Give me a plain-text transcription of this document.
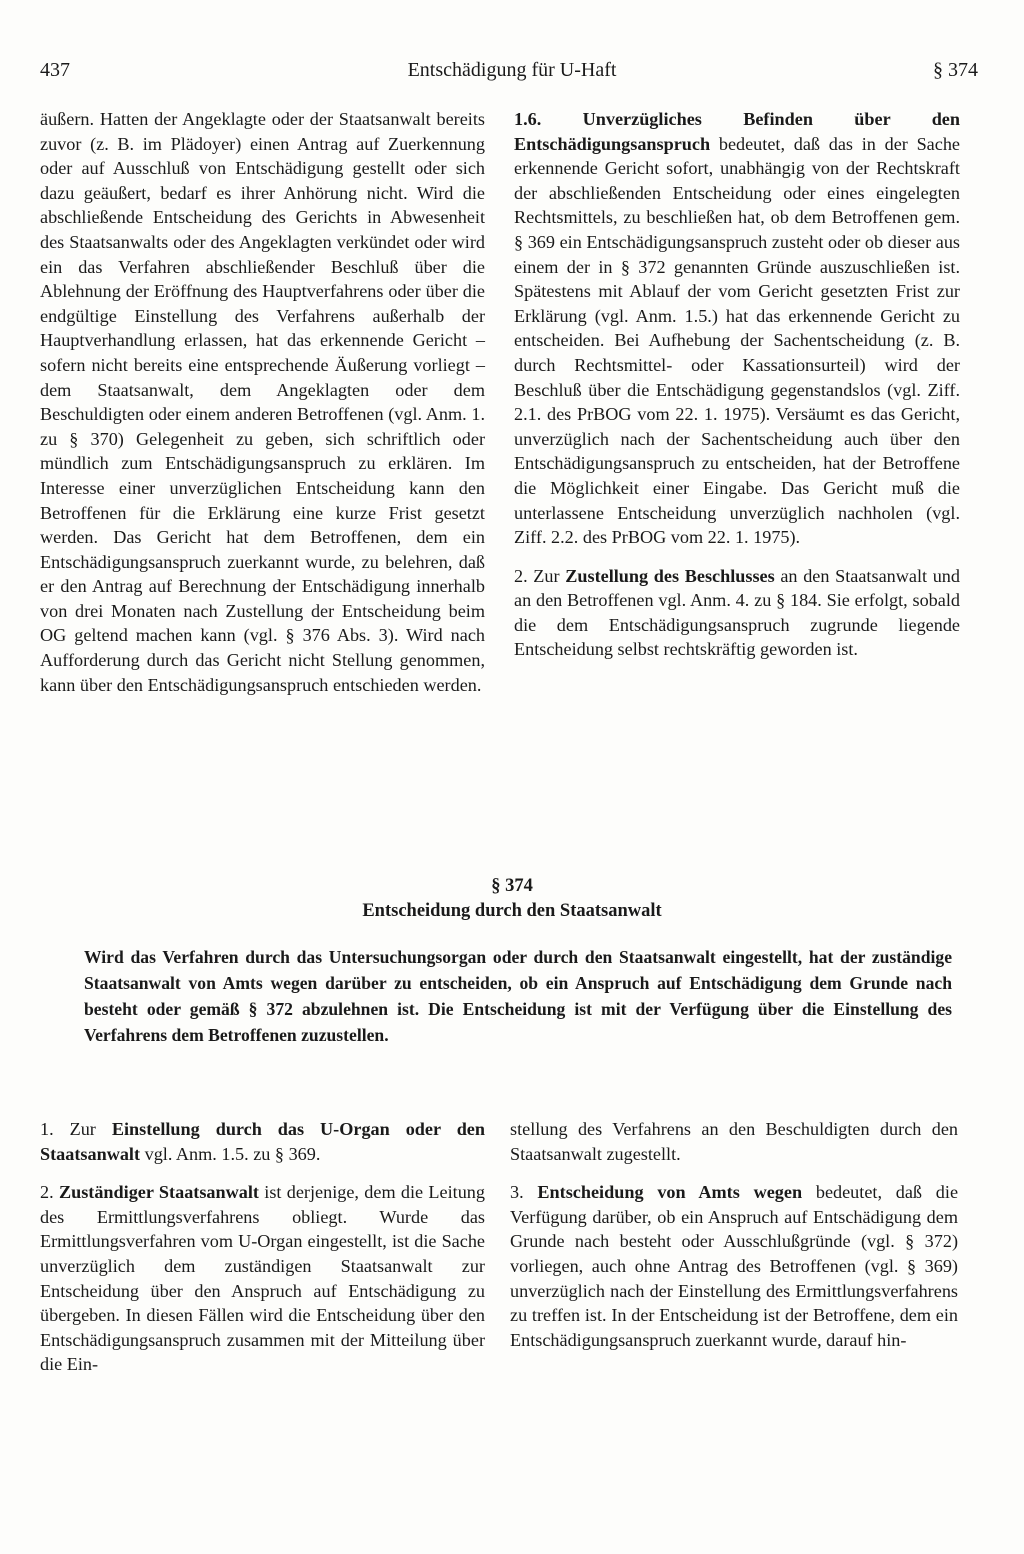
Entschädigung für U-Haft
437	§ 374

äußern. Hatten der Angeklagte oder der Staatsanwalt bereits zuvor (z. B. im Plädoyer) einen Antrag auf Zuerkennung oder auf Ausschluß von Entschädigung gestellt oder sich dazu geäußert, bedarf es ihrer Anhörung nicht. Wird die abschließende Entscheidung des Gerichts in Abwesenheit des Staatsanwalts oder des Angeklagten verkündet oder wird ein das Verfahren abschließender Beschluß über die Ablehnung der Eröffnung des Hauptverfahrens oder über die endgültige Einstellung des Verfahrens außerhalb der Hauptverhandlung erlassen, hat das erkennende Gericht – sofern nicht bereits eine entsprechende Äußerung vorliegt – dem Staatsanwalt, dem Angeklagten oder dem Beschuldigten oder einem anderen Betroffenen (vgl. Anm. 1. zu § 370) Gelegenheit zu geben, sich schriftlich oder mündlich zum Entschädigungsanspruch zu erklären. Im Interesse einer unverzüglichen Entscheidung kann den Betroffenen für die Erklärung eine kurze Frist gesetzt werden. Das Gericht hat dem Betroffenen, dem ein Entschädigungsanspruch zuerkannt wurde, zu belehren, daß er den Antrag auf Berechnung der Entschädigung innerhalb von drei Monaten nach Zustellung der Entscheidung beim OG geltend machen kann (vgl. § 376 Abs. 3). Wird nach Aufforderung durch das Gericht nicht Stellung genommen, kann über den Entschädigungsanspruch entschieden werden.

1.6. Unverzügliches Befinden über den Entschädigungsanspruch bedeutet, daß das in der Sache erkennende Gericht sofort, unabhängig von der Rechtskraft der abschließenden Entscheidung oder eines eingelegten Rechtsmittels, zu beschließen hat, ob dem Betroffenen gem. § 369 ein Entschädigungsanspruch zusteht oder ob dieser aus einem der in § 372 genannten Gründe auszuschließen ist. Spätestens mit Ablauf der vom Gericht gesetzten Frist zur Erklärung (vgl. Anm. 1.5.) hat das erkennende Gericht zu entscheiden. Bei Aufhebung der Sachentscheidung (z. B. durch Rechtsmittel- oder Kassationsurteil) wird der Beschluß über die Entschädigung gegenstandslos (vgl. Ziff. 2.1. des PrBOG vom 22. 1. 1975). Versäumt es das Gericht, unverzüglich nach der Sachentscheidung auch über den Entschädigungsanspruch zu entscheiden, hat der Betroffene die Möglichkeit einer Eingabe. Das Gericht muß die unterlassene Entscheidung unverzüglich nachholen (vgl. Ziff. 2.2. des PrBOG vom 22. 1. 1975).

2. Zur Zustellung des Beschlusses an den Staatsanwalt und an den Betroffenen vgl. Anm. 4. zu § 184. Sie erfolgt, sobald die dem Entschädigungsanspruch zugrunde liegende Entscheidung selbst rechtskräftig geworden ist.

§ 374
Entscheidung durch den Staatsanwalt

Wird das Verfahren durch das Untersuchungsorgan oder durch den Staatsanwalt eingestellt, hat der zuständige Staatsanwalt von Amts wegen darüber zu entscheiden, ob ein Anspruch auf Entschädigung dem Grunde nach besteht oder gemäß § 372 abzulehnen ist. Die Entscheidung ist mit der Verfügung über die Einstellung des Verfahrens dem Betroffenen zuzustellen.

1. Zur Einstellung durch das U-Organ oder den Staatsanwalt vgl. Anm. 1.5. zu § 369.

2. Zuständiger Staatsanwalt ist derjenige, dem die Leitung des Ermittlungsverfahrens obliegt. Wurde das Ermittlungsverfahren vom U-Organ eingestellt, ist die Sache unverzüglich dem zuständigen Staatsanwalt zur Entscheidung über den Anspruch auf Entschädigung zu übergeben. In diesen Fällen wird die Entscheidung über den Entschädigungsanspruch zusammen mit der Mitteilung über die Ein-

stellung des Verfahrens an den Beschuldigten durch den Staatsanwalt zugestellt.

3. Entscheidung von Amts wegen bedeutet, daß die Verfügung darüber, ob ein Anspruch auf Entschädigung dem Grunde nach besteht oder Ausschlußgründe (vgl. § 372) vorliegen, auch ohne Antrag des Betroffenen (vgl. § 369) unverzüglich nach der Einstellung des Ermittlungsverfahrens zu treffen ist. In der Entscheidung ist der Betroffene, dem ein Entschädigungsanspruch zuerkannt wurde, darauf hin-
